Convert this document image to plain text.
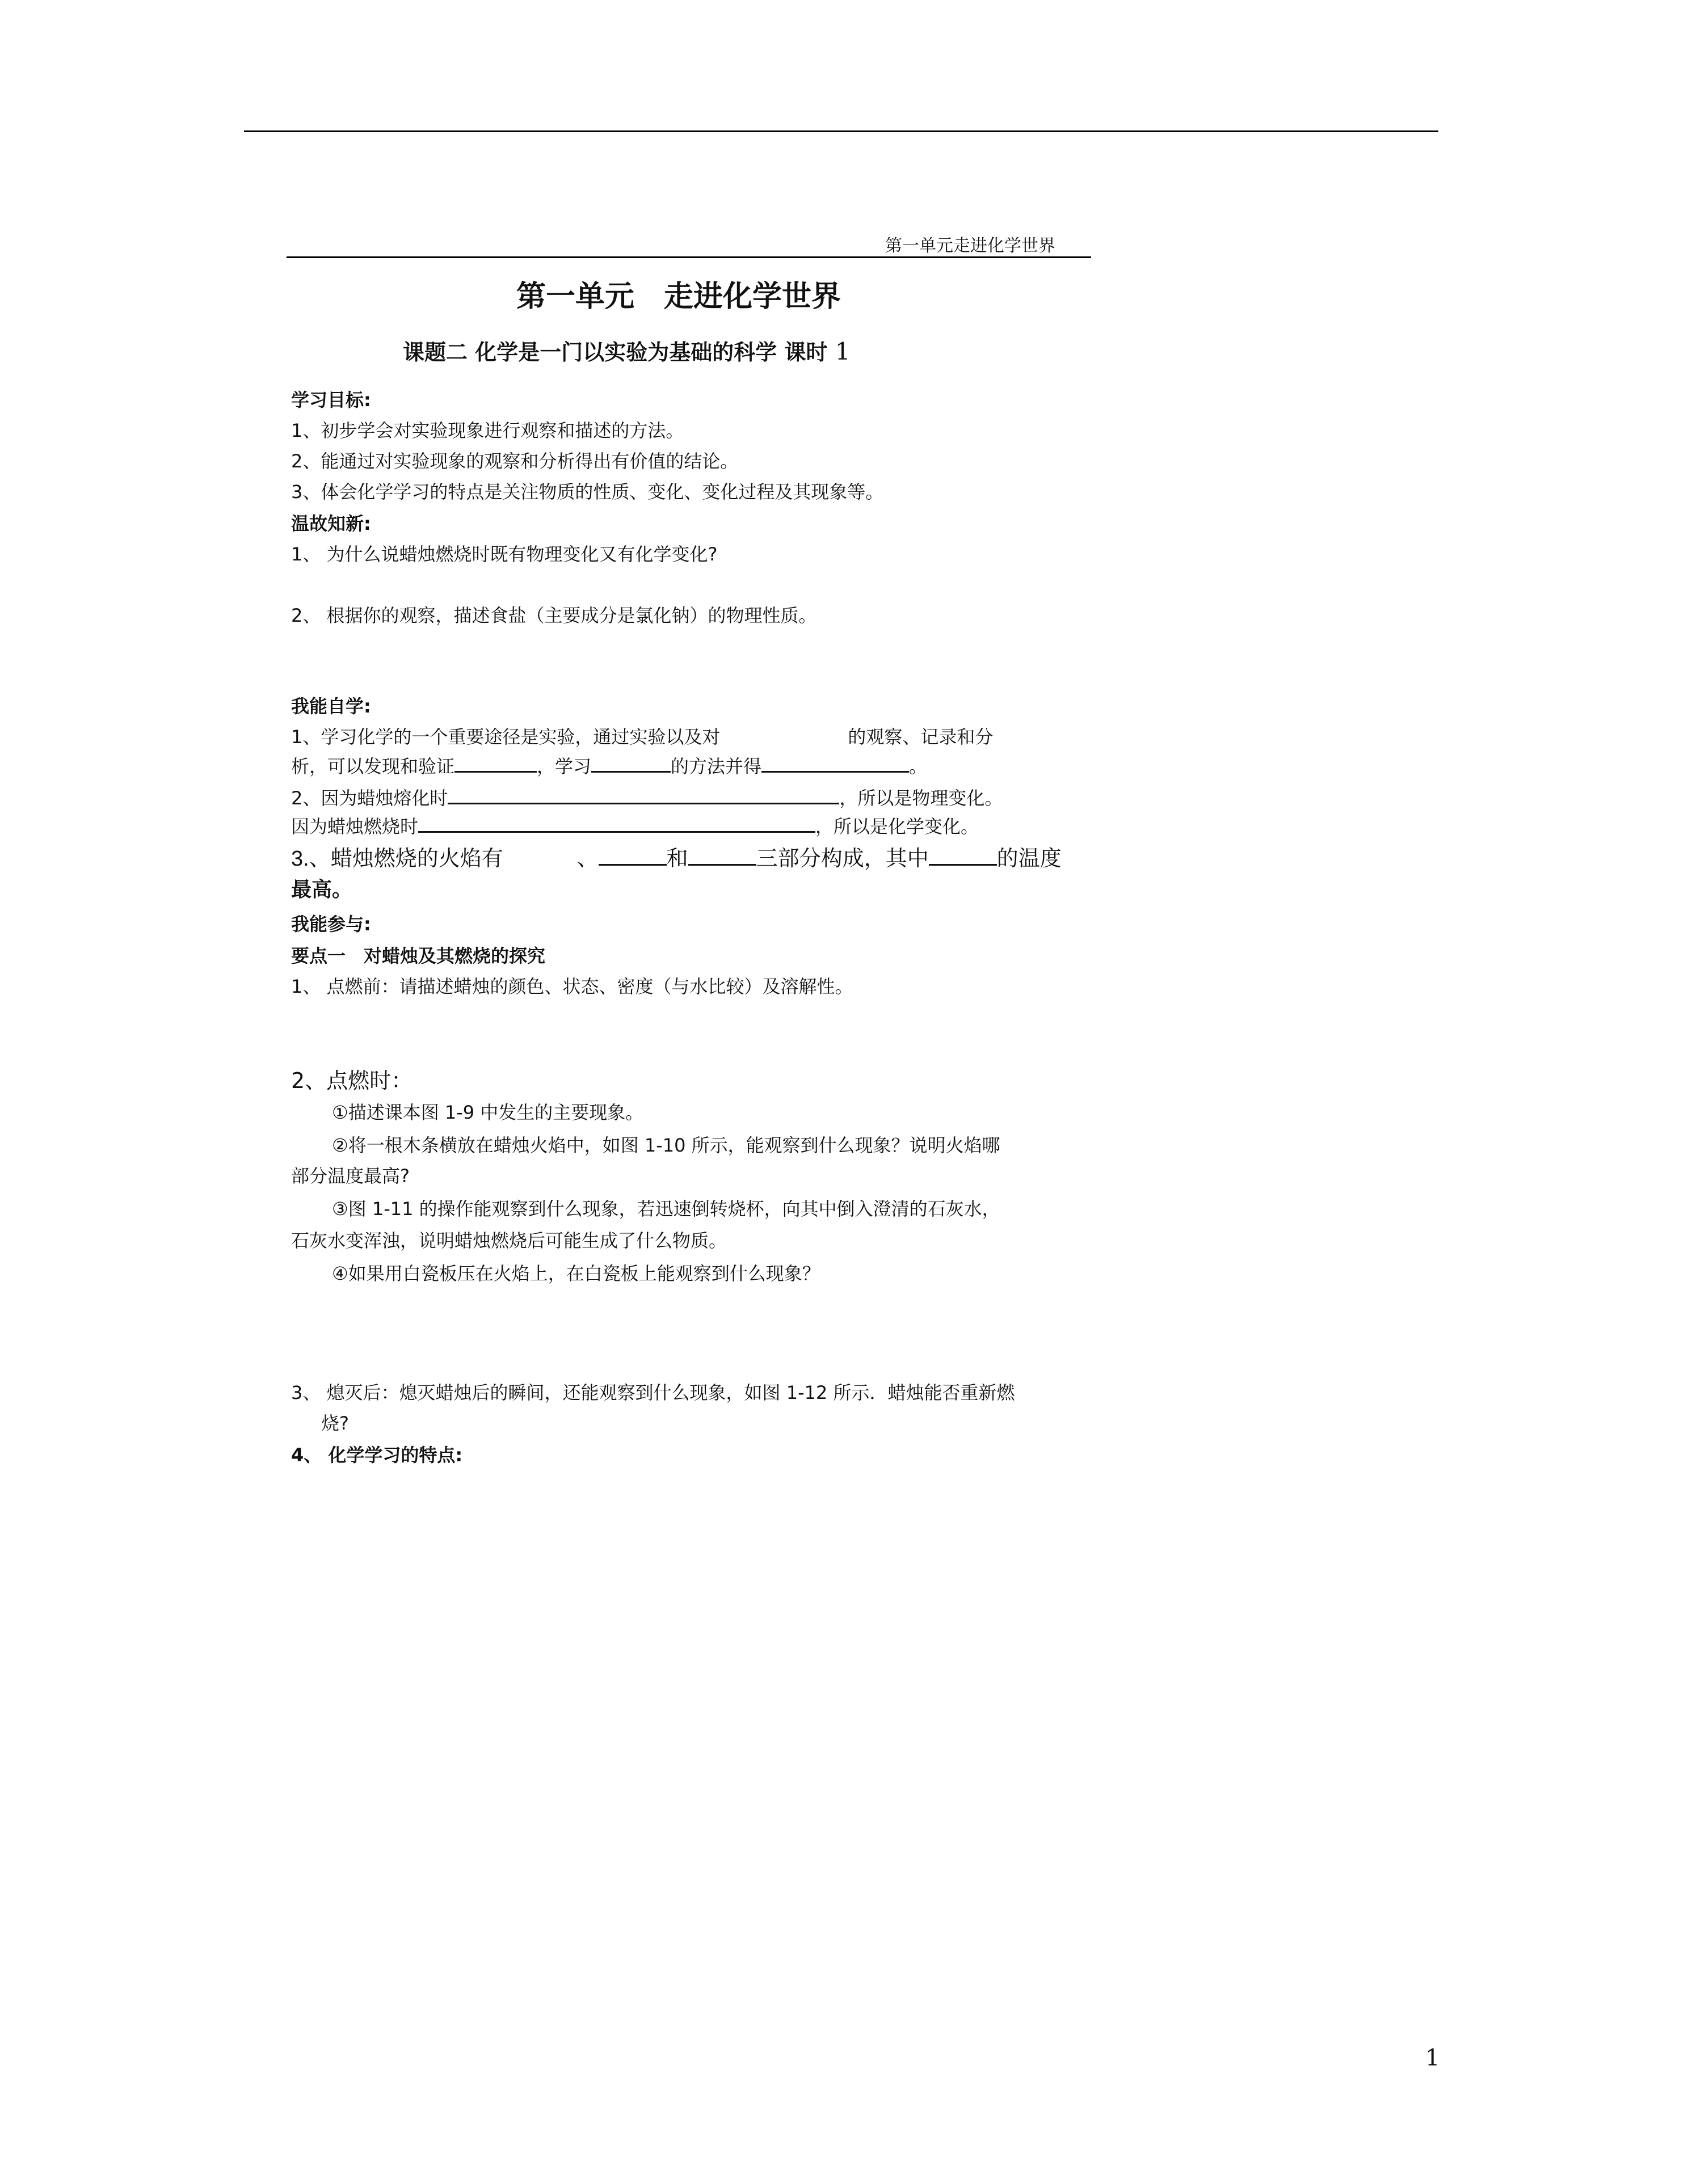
第一单元走进化学世界
第一单元　走进化学世界
课题二 化学是一门以实验为基础的科学 课时 1
学习目标:
1、初步学会对实验现象进行观察和描述的方法。
2、能通过对实验现象的观察和分析得出有价值的结论。
3、体会化学学习的特点是关注物质的性质、变化、变化过程及其现象等。
温故知新:
1、 为什么说蜡烛燃烧时既有物理变化又有化学变化?
2、 根据你的观察，描述食盐（主要成分是氯化钠）的物理性质。
我能自学:
1、学习化学的一个重要途径是实验，通过实验以及对	的观察、记录和分
析，可以发现和验证	，学习	的方法并得	。
2、因为蜡烛熔化时	，所以是物理变化。
因为蜡烛燃烧时	，所以是化学变化。
3.、蜡烛燃烧的火焰有	、	和	三部分构成，其中	的温度
最高。
我能参与:
要点一　对蜡烛及其燃烧的探究
1、 点燃前：请描述蜡烛的颜色、状态、密度（与水比较）及溶解性。
2、点燃时：
①描述课本图 1-9 中发生的主要现象。
②将一根木条横放在蜡烛火焰中，如图 1-10 所示，能观察到什么现象？说明火焰哪
部分温度最高?
③图 1-11 的操作能观察到什么现象，若迅速倒转烧杯，向其中倒入澄清的石灰水，
石灰水变浑浊，说明蜡烛燃烧后可能生成了什么物质。
④如果用白瓷板压在火焰上，在白瓷板上能观察到什么现象？
3、 熄灭后：熄灭蜡烛后的瞬间，还能观察到什么现象，如图 1-12 所示．蜡烛能否重新燃
烧?
4、 化学学习的特点:
1
